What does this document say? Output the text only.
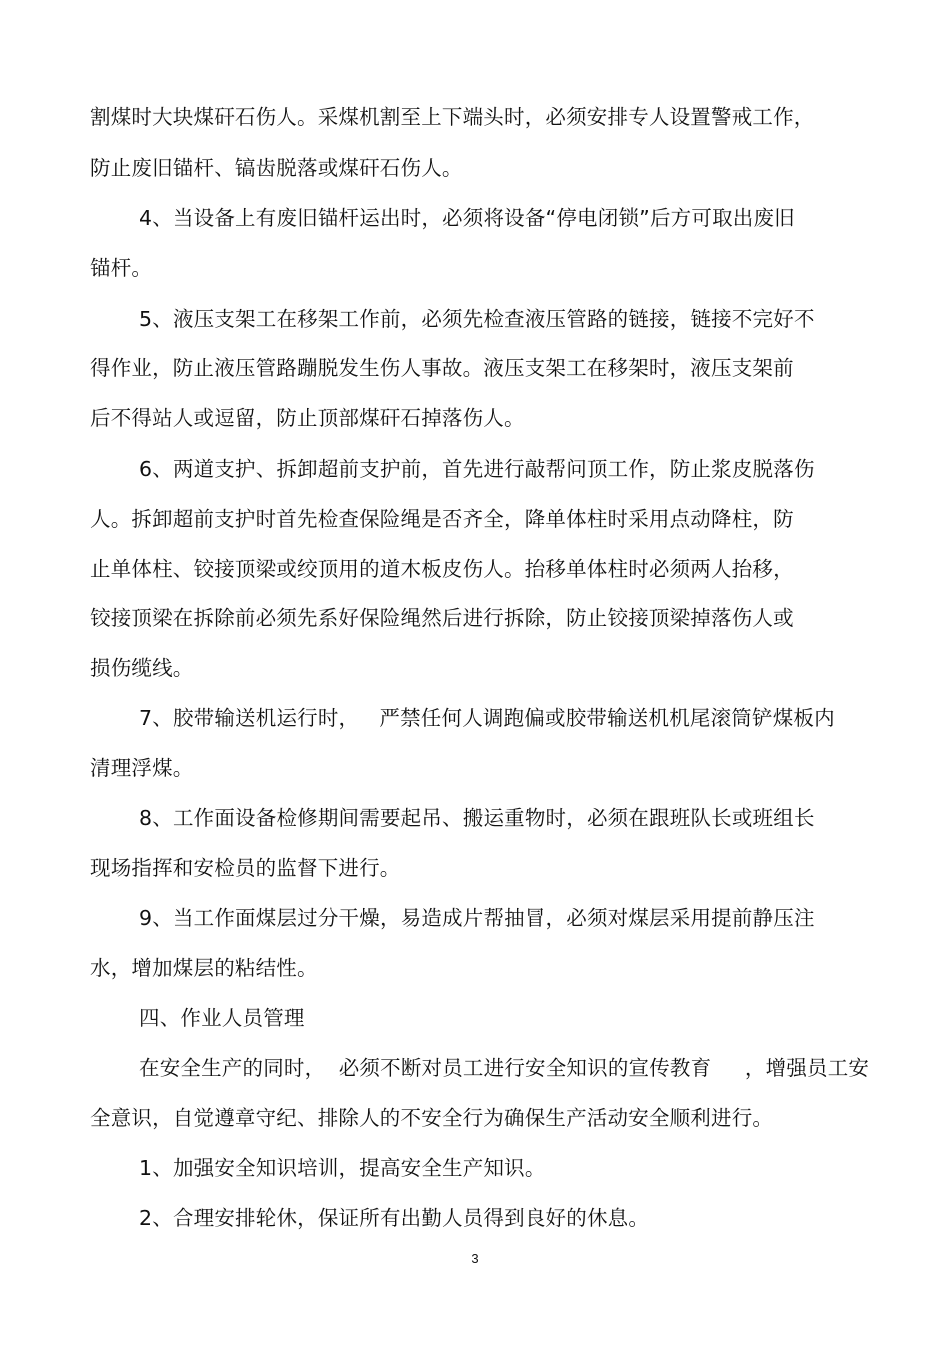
割煤时大块煤矸石伤人。采煤机割至上下端头时，必须安排专人设置警戒工作，
防止废旧锚杆、镐齿脱落或煤矸石伤人。
4、当设备上有废旧锚杆运出时，必须将设备“停电闭锁”后方可取出废旧
锚杆。
5、液压支架工在移架工作前，必须先检查液压管路的链接，链接不完好不
得作业，防止液压管路蹦脱发生伤人事故。液压支架工在移架时，液压支架前
后不得站人或逗留，防止顶部煤矸石掉落伤人。
6、两道支护、拆卸超前支护前，首先进行敲帮问顶工作，防止浆皮脱落伤
人。拆卸超前支护时首先检查保险绳是否齐全，降单体柱时采用点动降柱，防
止单体柱、铰接顶梁或绞顶用的道木板皮伤人。抬移单体柱时必须两人抬移，
铰接顶梁在拆除前必须先系好保险绳然后进行拆除，防止铰接顶梁掉落伤人或
损伤缆线。
7、胶带输送机运行时，   严禁任何人调跑偏或胶带输送机机尾滚筒铲煤板内
清理浮煤。
8、工作面设备检修期间需要起吊、搬运重物时，必须在跟班队长或班组长
现场指挥和安检员的监督下进行。
9、当工作面煤层过分干燥，易造成片帮抽冒，必须对煤层采用提前静压注
水，增加煤层的粘结性。
四、作业人员管理
在安全生产的同时，  必须不断对员工进行安全知识的宣传教育     ，增强员工安
全意识，自觉遵章守纪、排除人的不安全行为确保生产活动安全顺利进行。
1、加强安全知识培训，提高安全生产知识。
2、合理安排轮休，保证所有出勤人员得到良好的休息。
3
